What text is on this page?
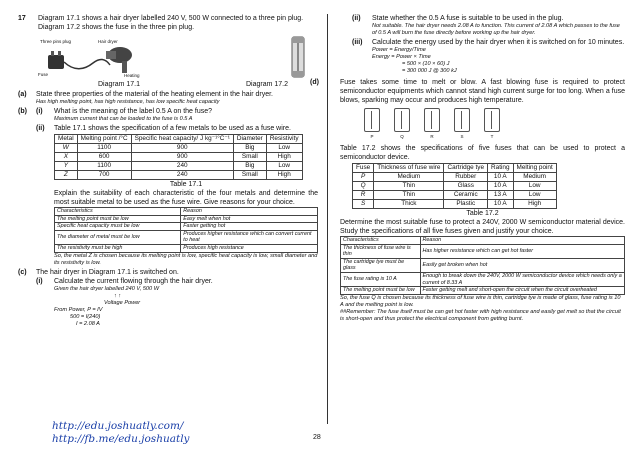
17	Diagram 17.1 shows a hair dryer labelled 240 V, 500 W connected to a three pin plug. Diagram 17.2 shows the fuse in the three pin plug.
Three pins plug	Hair dryer
Fuse	Heating
Diagram 17.1	Diagram 17.2
(a)	State three properties of the material of the heating element in the hair dryer.
Has high melting point, has high resistance, has low specific heat capacity
(b)	(i)	What is the meaning of the label 0.5 A on the fuse?
Maximum current that can be loaded to the fuse is 0.5 A
(ii)	Table 17.1 shows the specification of a few metals to be used as a fuse wire.
Metal	Melting point /°C	Specific heat capacity/ J kg⁻¹°C⁻¹	Diameter	Resistivity
W	1100	900	Big	Low
X	600	900	Small	High
Y	1100	240	Big	Low
Z	700	240	Small	High
Table 17.1
Explain the suitability of each characteristic of the four metals and determine the most suitable metal to be used as the fuse wire. Give reasons for your choice.
Characteristics	Reason
The melting point must be low	Easy melt when hot
Specific heat capacity must be low	Faster getting hot
The diameter of metal must be low	Produces higher resistance which can convert current to heat
The resistivity must be high	Produces high resistance
So, the metal Z is chosen because its melting point is low, specific heat capacity is low, small diameter and its resistivity is low.
(c)	The hair dryer in Diagram 17.1 is switched on.
(i)	Calculate the current flowing through the hair dryer.
Given the hair dryer labelled 240 V, 500 W
↑ ↑
Voltage Power
From Power, P = IV
500 = I(240)
I = 2.08 A
(ii)	State whether the 0.5 A fuse is suitable to be used in the plug.
Not suitable. The hair dryer needs 2.08 A to function. This current of 2.08 A which passes to the fuse of 0.5 A will burn the fuse directly before working up the hair dryer.
(iii)	Calculate the energy used by the hair dryer when it is switched on for 10 minutes.
Power = Energy/Time
Energy = Power × Time
= 500 × (10 × 60) J
= 300 000 J @ 300 kJ
(d)	Fuse takes some time to melt or blow. A fast blowing fuse is required to protect semiconductor equipments which cannot stand high current surge for too long. When a fuse blows, sparking may occur and produces high temperature.
P	Q	R	S	T
Table 17.2 shows the specifications of five fuses that can be used to protect a semiconductor device.
Fuse	Thickness of fuse wire	Cartridge tye	Rating	Melting point
P	Medium	Rubber	10 A	Medium
Q	Thin	Glass	10 A	Low
R	Thin	Ceramic	13 A	Low
S	Thick	Plastic	10 A	High
Table 17.2
Determine the most suitable fuse to protect a 240V, 2000 W semiconductor material device. Study the specifications of all five fuses given and justify your choice.
Characteristics	Reason
The thickness of fuse wire is thin	Has higher resistance which can get hot faster
The cartridge tye must be glass	Easily get broken when hot
The fuse rating is 10 A	Enough to break down the 240V, 2000 W semiconductor device which needs only a current of 8.33 A
The melting point must be low	Faster getting melt and short-open the circuit when the circuit overheated
So, the fuse Q is chosen because its thickness of fuse wire is thin, cartridge tye is made of glass, fuse rating is 10 A and the melting point is low.
##Remember: The fuse itself must be can get hot faster with high resistance and easily get melt so that the circuit is short-open and thus protect the electrical component from getting burnt.
http://edu.joshuatly.com/
http://fb.me/edu.joshuatly	28
